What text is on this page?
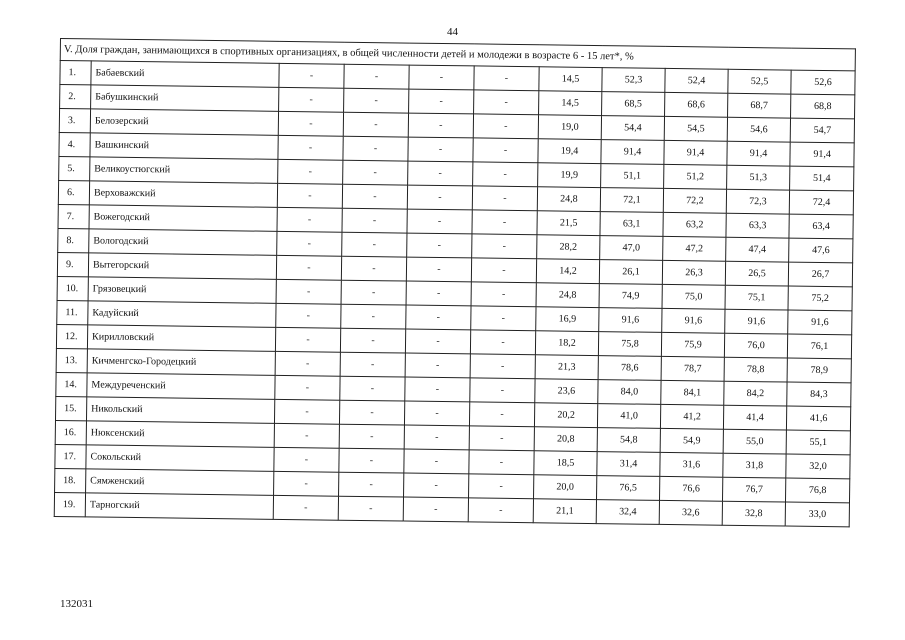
44
V. Доля граждан, занимающихся в спортивных организациях, в общей численности детей и молодежи в возрасте 6 - 15 лет*, %										
1.	Бабаевский	-	-	-	-	14,5	52,3	52,4	52,5	52,6
2.	Бабушкинский	-	-	-	-	14,5	68,5	68,6	68,7	68,8
3.	Белозерский	-	-	-	-	19,0	54,4	54,5	54,6	54,7
4.	Вашкинский	-	-	-	-	19,4	91,4	91,4	91,4	91,4
5.	Великоустюгский	-	-	-	-	19,9	51,1	51,2	51,3	51,4
6.	Верховажский	-	-	-	-	24,8	72,1	72,2	72,3	72,4
7.	Вожегодский	-	-	-	-	21,5	63,1	63,2	63,3	63,4
8.	Вологодский	-	-	-	-	28,2	47,0	47,2	47,4	47,6
9.	Вытегорский	-	-	-	-	14,2	26,1	26,3	26,5	26,7
10.	Грязовецкий	-	-	-	-	24,8	74,9	75,0	75,1	75,2
11.	Кадуйский	-	-	-	-	16,9	91,6	91,6	91,6	91,6
12.	Кирилловский	-	-	-	-	18,2	75,8	75,9	76,0	76,1
13.	Кичменгско-Городецкий	-	-	-	-	21,3	78,6	78,7	78,8	78,9
14.	Междуреченский	-	-	-	-	23,6	84,0	84,1	84,2	84,3
15.	Никольский	-	-	-	-	20,2	41,0	41,2	41,4	41,6
16.	Нюксенский	-	-	-	-	20,8	54,8	54,9	55,0	55,1
17.	Сокольский	-	-	-	-	18,5	31,4	31,6	31,8	32,0
18.	Сямженский	-	-	-	-	20,0	76,5	76,6	76,7	76,8
19.	Тарногский	-	-	-	-	21,1	32,4	32,6	32,8	33,0
132031
